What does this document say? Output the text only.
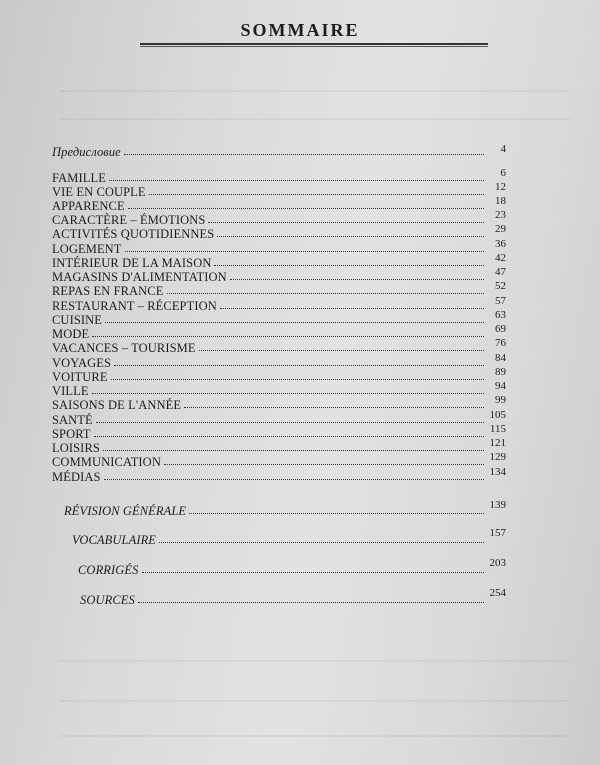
SOMMAIRE
Предисловие	4
FAMILLE	6
VIE EN COUPLE	12
APPARENCE	18
CARACTÈRE – ÉMOTIONS	23
ACTIVITÉS QUOTIDIENNES	29
LOGEMENT	36
INTÉRIEUR DE LA MAISON	42
MAGASINS D'ALIMENTATION	47
REPAS EN FRANCE	52
RESTAURANT – RÉCEPTION	57
CUISINE	63
MODE	69
VACANCES – TOURISME	76
VOYAGES	84
VOITURE	89
VILLE	94
SAISONS DE L'ANNÉE	99
SANTÉ	105
SPORT	115
LOISIRS	121
COMMUNICATION	129
MÉDIAS	134
RÉVISION GÉNÉRALE	139
VOCABULAIRE	157
CORRIGÉS	203
SOURCES	254
